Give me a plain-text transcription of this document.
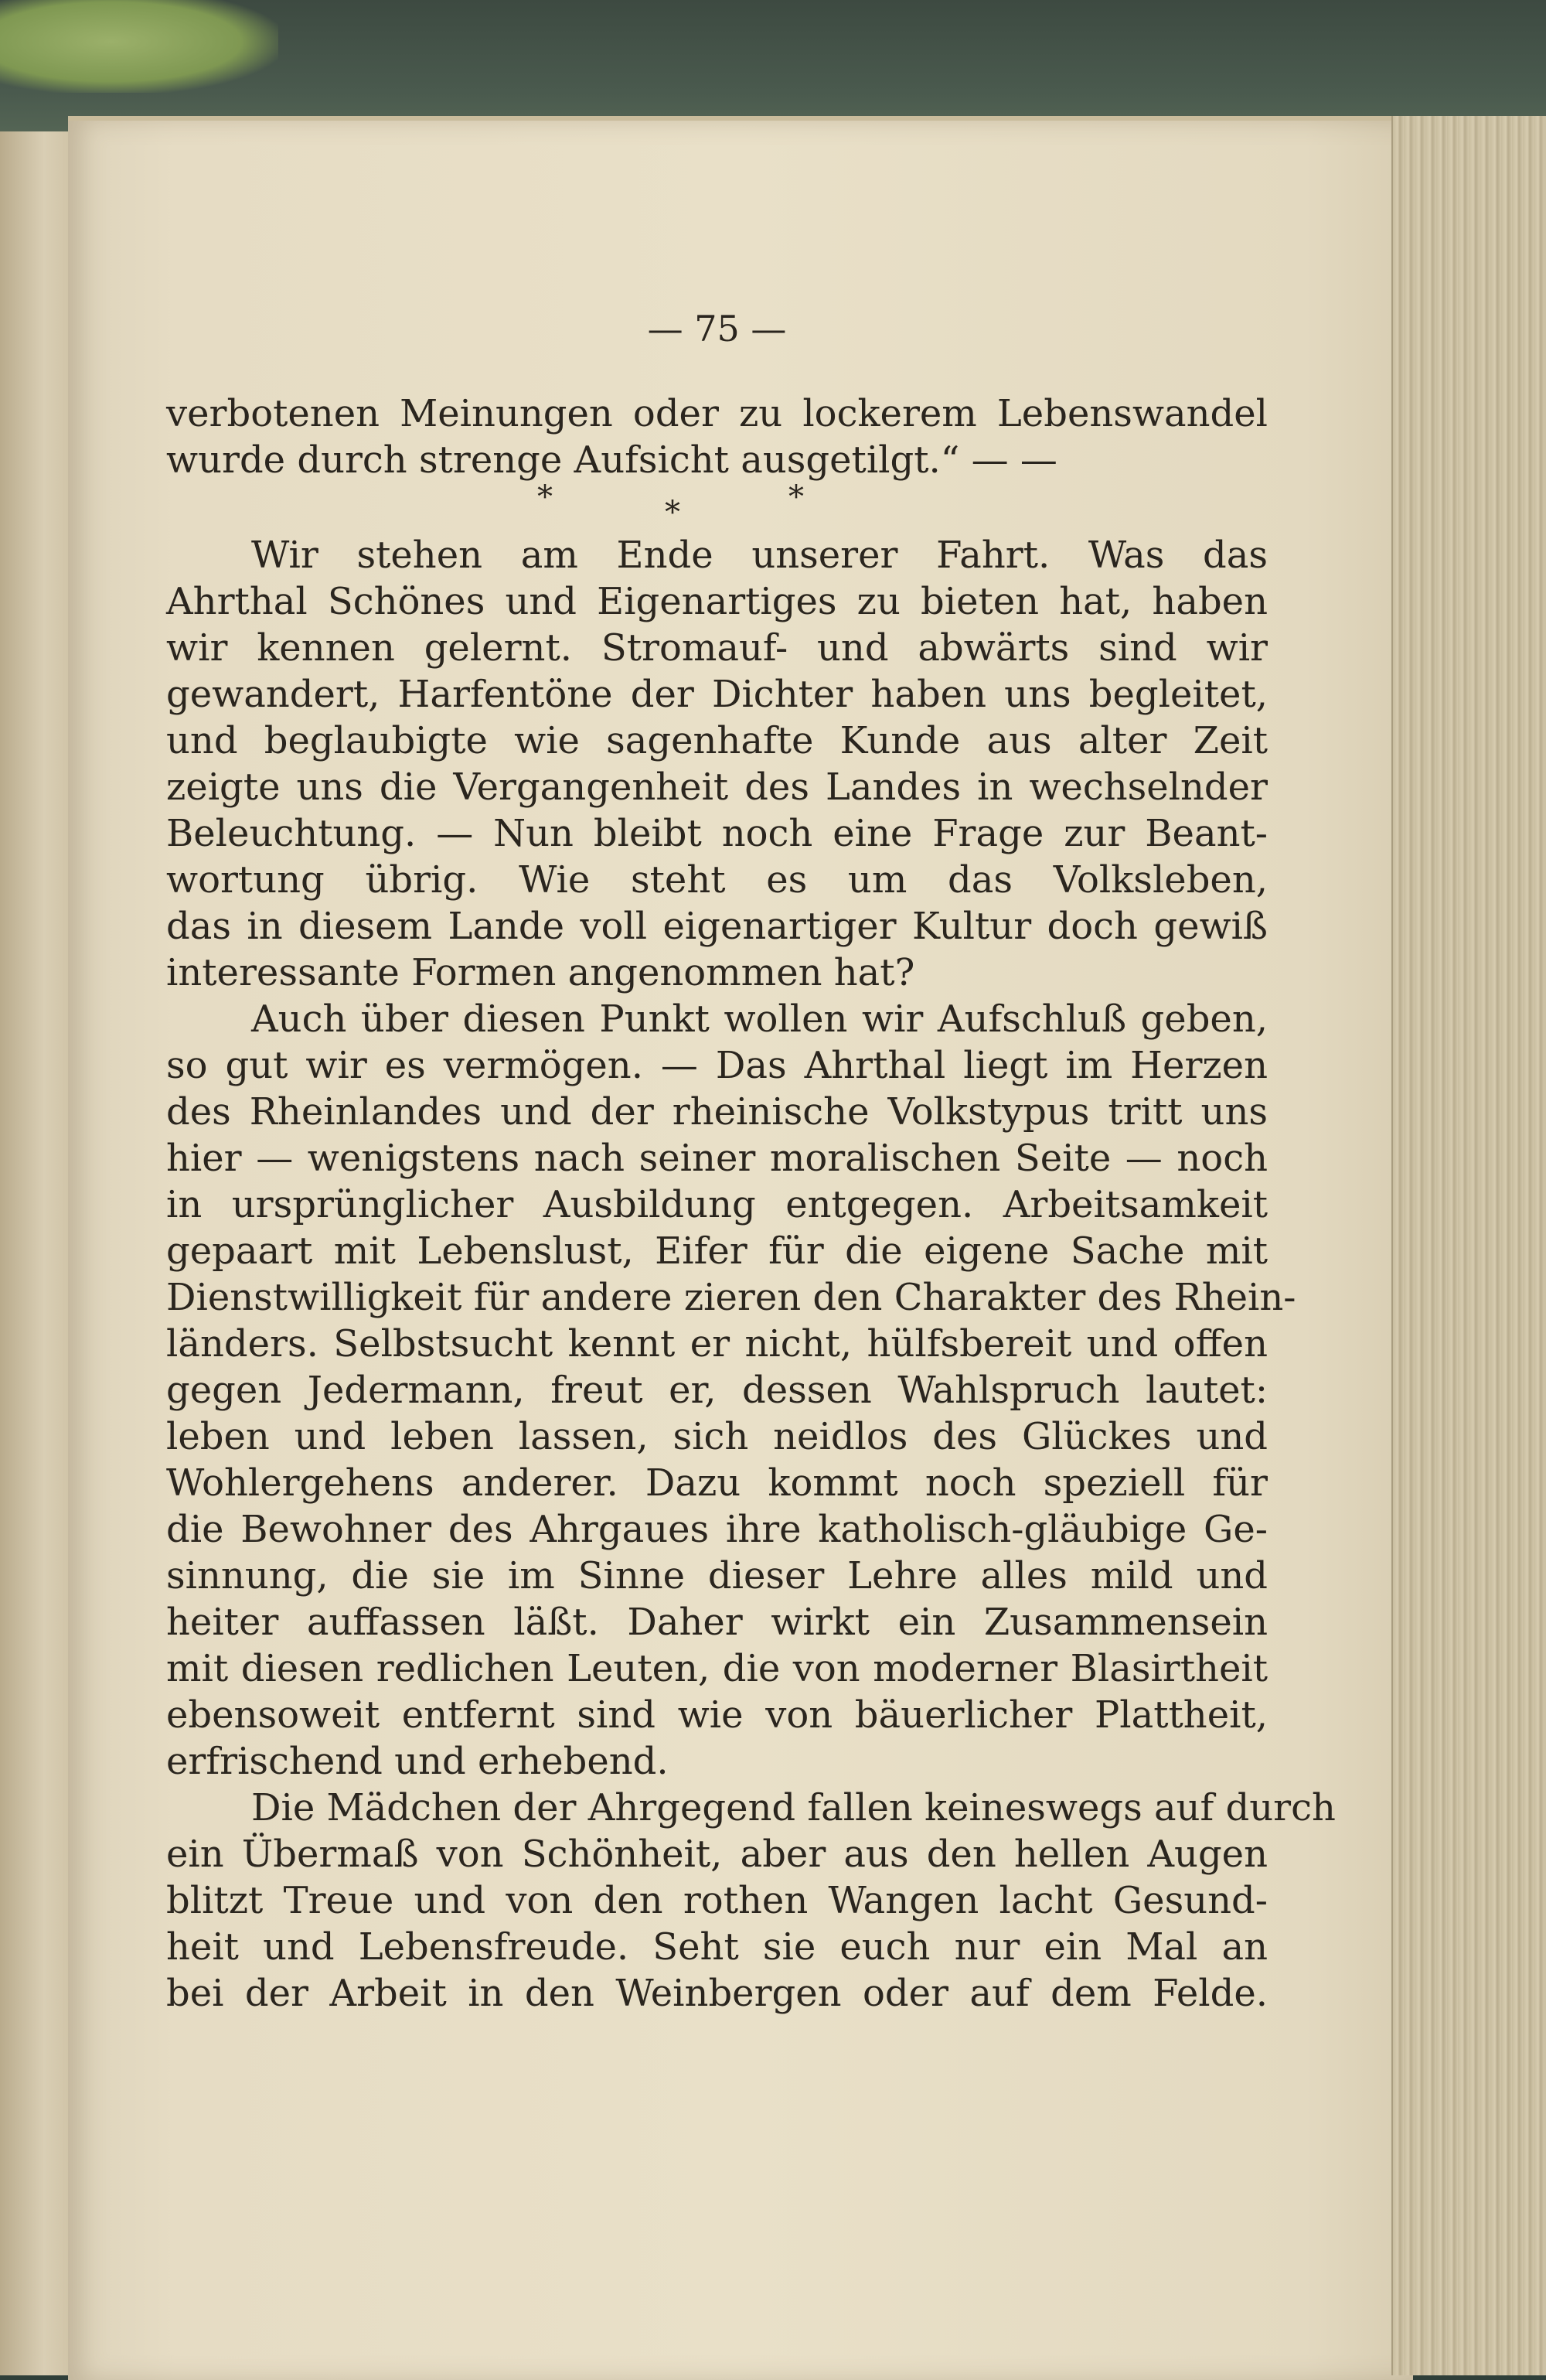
— 75 —
verbotenen Meinungen oder zu lockerem Lebenswandel
wurde durch strenge Aufsicht ausgetilgt.“ — —
*	*	*
Wir stehen am Ende unserer Fahrt. Was das
Ahrthal Schönes und Eigenartiges zu bieten hat, haben
wir kennen gelernt. Stromauf- und abwärts sind wir
gewandert, Harfentöne der Dichter haben uns begleitet,
und beglaubigte wie sagenhafte Kunde aus alter Zeit
zeigte uns die Vergangenheit des Landes in wechselnder
Beleuchtung. — Nun bleibt noch eine Frage zur Beant-
wortung übrig. Wie steht es um das Volksleben,
das in diesem Lande voll eigenartiger Kultur doch gewiß
interessante Formen angenommen hat?
Auch über diesen Punkt wollen wir Aufschluß geben,
so gut wir es vermögen. — Das Ahrthal liegt im Herzen
des Rheinlandes und der rheinische Volkstypus tritt uns
hier — wenigstens nach seiner moralischen Seite — noch
in ursprünglicher Ausbildung entgegen. Arbeitsamkeit
gepaart mit Lebenslust, Eifer für die eigene Sache mit
Dienstwilligkeit für andere zieren den Charakter des Rhein-
länders. Selbstsucht kennt er nicht, hülfsbereit und offen
gegen Jedermann, freut er, dessen Wahlspruch lautet:
leben und leben lassen, sich neidlos des Glückes und
Wohlergehens anderer. Dazu kommt noch speziell für
die Bewohner des Ahrgaues ihre katholisch-gläubige Ge-
sinnung, die sie im Sinne dieser Lehre alles mild und
heiter auffassen läßt. Daher wirkt ein Zusammensein
mit diesen redlichen Leuten, die von moderner Blasirtheit
ebensoweit entfernt sind wie von bäuerlicher Plattheit,
erfrischend und erhebend.
Die Mädchen der Ahrgegend fallen keineswegs auf durch
ein Übermaß von Schönheit, aber aus den hellen Augen
blitzt Treue und von den rothen Wangen lacht Gesund-
heit und Lebensfreude. Seht sie euch nur ein Mal an
bei der Arbeit in den Weinbergen oder auf dem Felde.
